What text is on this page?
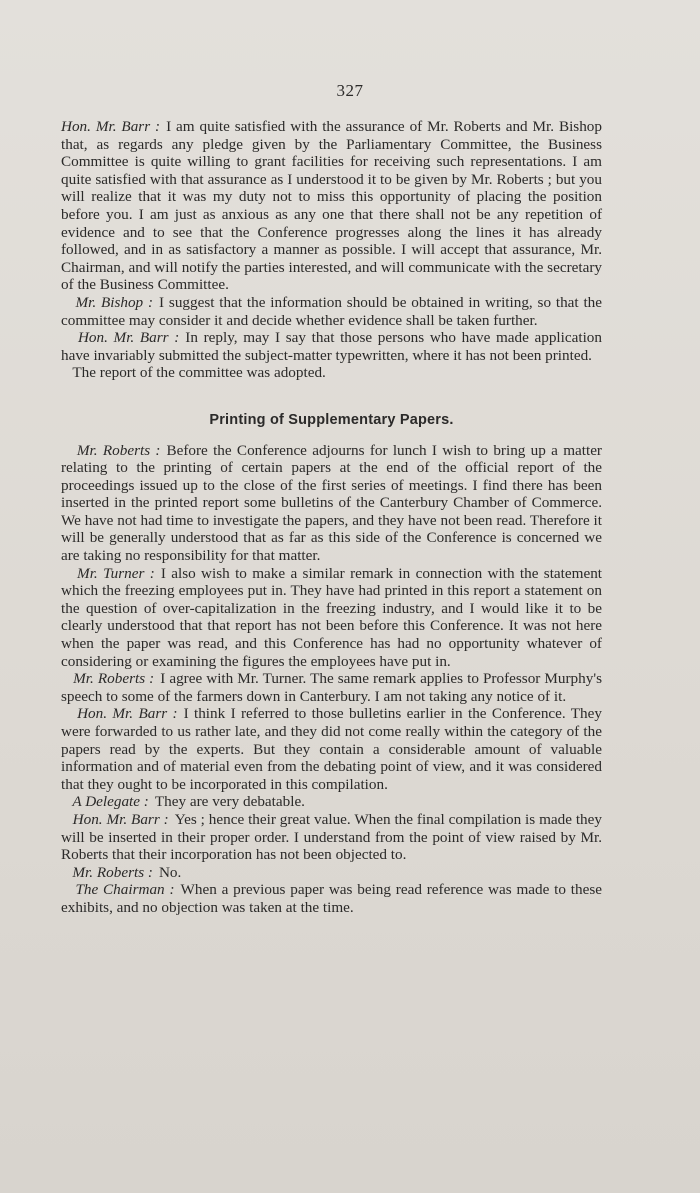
327

Hon. Mr. Barr : I am quite satisfied with the assurance of Mr. Roberts and Mr. Bishop that, as regards any pledge given by the Parliamentary Committee, the Business Committee is quite willing to grant facilities for receiving such representations. I am quite satisfied with that assurance as I understood it to be given by Mr. Roberts ; but you will realize that it was my duty not to miss this opportunity of placing the position before you. I am just as anxious as any one that there shall not be any repetition of evidence and to see that the Conference progresses along the lines it has already followed, and in as satisfactory a manner as possible. I will accept that assurance, Mr. Chairman, and will notify the parties interested, and will communicate with the secretary of the Business Committee.

Mr. Bishop : I suggest that the information should be obtained in writing, so that the committee may consider it and decide whether evidence shall be taken further.

Hon. Mr. Barr : In reply, may I say that those persons who have made application have invariably submitted the subject-matter typewritten, where it has not been printed.

The report of the committee was adopted.

Printing of Supplementary Papers.

Mr. Roberts : Before the Conference adjourns for lunch I wish to bring up a matter relating to the printing of certain papers at the end of the official report of the proceedings issued up to the close of the first series of meetings. I find there has been inserted in the printed report some bulletins of the Canterbury Chamber of Commerce. We have not had time to investigate the papers, and they have not been read. Therefore it will be generally understood that as far as this side of the Conference is concerned we are taking no responsibility for that matter.

Mr. Turner : I also wish to make a similar remark in connection with the statement which the freezing employees put in. They have had printed in this report a statement on the question of over-capitalization in the freezing industry, and I would like it to be clearly understood that that report has not been before this Conference. It was not here when the paper was read, and this Conference has had no opportunity whatever of considering or examining the figures the employees have put in.

Mr. Roberts : I agree with Mr. Turner. The same remark applies to Professor Murphy's speech to some of the farmers down in Canterbury. I am not taking any notice of it.

Hon. Mr. Barr : I think I referred to those bulletins earlier in the Conference. They were forwarded to us rather late, and they did not come really within the category of the papers read by the experts. But they contain a considerable amount of valuable information and of material even from the debating point of view, and it was considered that they ought to be incorporated in this compilation.

A Delegate : They are very debatable.

Hon. Mr. Barr : Yes ; hence their great value. When the final compilation is made they will be inserted in their proper order. I understand from the point of view raised by Mr. Roberts that their incorporation has not been objected to.

Mr. Roberts : No.

The Chairman : When a previous paper was being read reference was made to these exhibits, and no objection was taken at the time.
